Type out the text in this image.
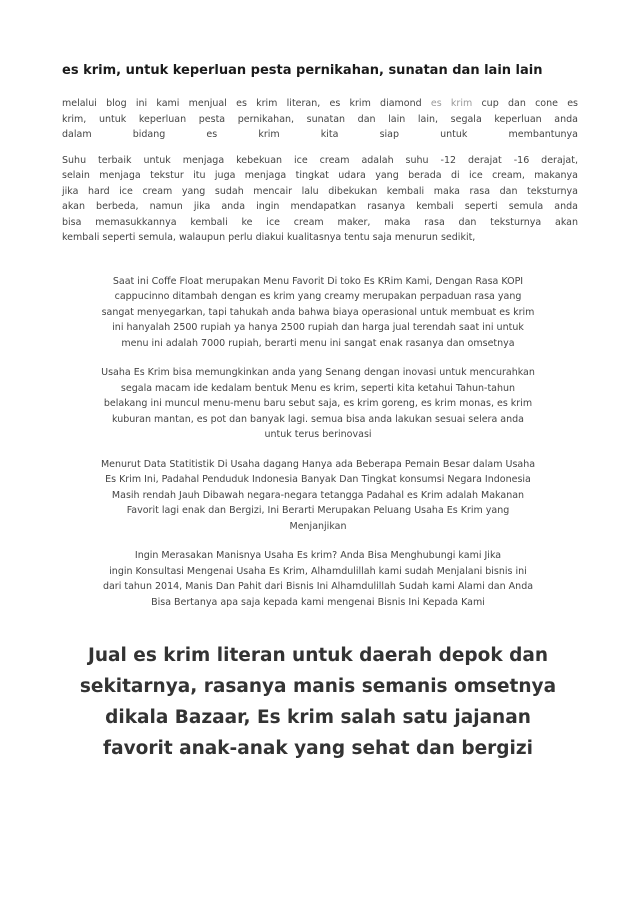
es krim, untuk keperluan pesta pernikahan, sunatan dan lain lain

melalui blog ini kami menjual es krim literan, es krim diamond es krim cup dan cone es

krim, untuk keperluan pesta pernikahan, sunatan dan lain lain, segala keperluan anda

dalam bidang es krim kita siap untuk membantunya

Suhu terbaik untuk menjaga kebekuan ice cream adalah suhu -12 derajat -16 derajat,

selain menjaga tekstur itu juga menjaga tingkat udara yang berada di ice cream, makanya

jika hard ice cream yang sudah mencair lalu dibekukan kembali maka rasa dan teksturnya

akan berbeda, namun jika anda ingin mendapatkan rasanya kembali seperti semula anda

bisa memasukkannya kembali ke ice cream maker, maka rasa dan teksturnya akan

kembali seperti semula, walaupun perlu diakui kualitasnya tentu saja menurun sedikit,

Saat ini Coffe Float merupakan Menu Favorit Di toko Es KRim Kami, Dengan Rasa KOPI

cappucinno ditambah dengan es krim yang creamy merupakan perpaduan rasa yang

sangat menyegarkan, tapi tahukah anda bahwa biaya operasional untuk membuat es krim

ini hanyalah 2500 rupiah ya hanya 2500 rupiah dan harga jual terendah saat ini untuk

menu ini adalah 7000 rupiah, berarti menu ini sangat enak rasanya dan omsetnya

Usaha Es Krim bisa memungkinkan anda yang Senang dengan inovasi untuk mencurahkan

segala macam ide kedalam bentuk Menu es krim, seperti kita ketahui Tahun-tahun

belakang ini muncul menu-menu baru sebut saja, es krim goreng, es krim monas, es krim

kuburan mantan, es pot dan banyak lagi. semua bisa anda lakukan sesuai selera anda

untuk terus berinovasi

Menurut Data Statitistik Di Usaha dagang Hanya ada Beberapa Pemain Besar dalam Usaha

Es Krim Ini, Padahal Penduduk Indonesia Banyak Dan Tingkat konsumsi Negara Indonesia

Masih rendah Jauh Dibawah negara-negara tetangga Padahal es Krim adalah Makanan

Favorit lagi enak dan Bergizi, Ini Berarti Merupakan Peluang Usaha Es Krim yang

Menjanjikan

Ingin Merasakan Manisnya Usaha Es krim? Anda Bisa Menghubungi kami Jika

ingin Konsultasi Mengenai Usaha Es Krim, Alhamdulillah kami sudah Menjalani bisnis ini

dari tahun 2014, Manis Dan Pahit dari Bisnis Ini Alhamdulillah Sudah kami Alami dan Anda

Bisa Bertanya apa saja kepada kami mengenai Bisnis Ini Kepada Kami

Jual es krim literan untuk daerah depok dan

sekitarnya, rasanya manis semanis omsetnya

dikala Bazaar, Es krim salah satu jajanan

favorit anak-anak yang sehat dan bergizi
